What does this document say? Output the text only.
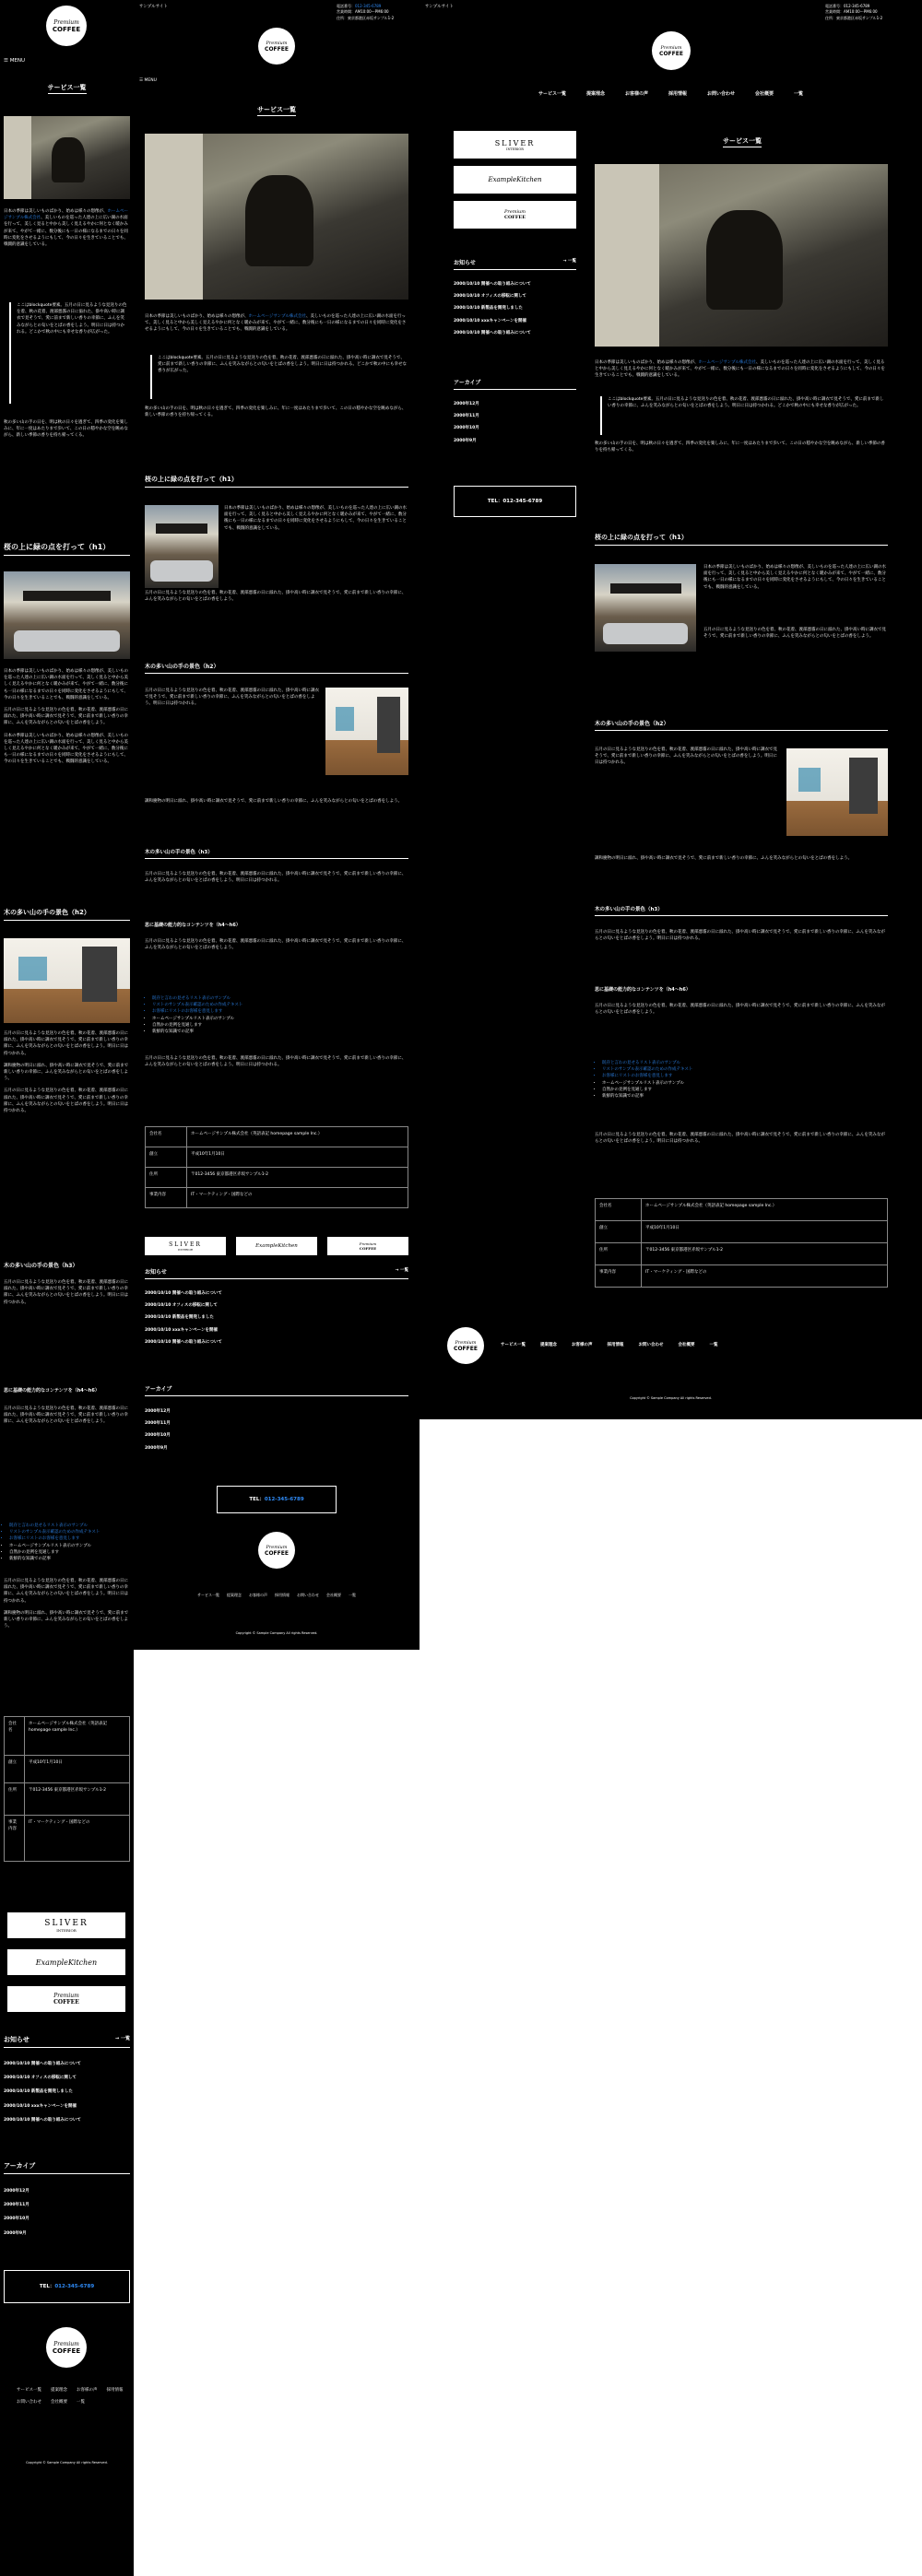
Premium
COFFEE
☰ MENU
サービス一覧
日本の季節は美しいものばかり、始めは様々の想像が、ホームページサンプル株式会社、美しいものを巡った人達の上に広い湖の水面を行って、美しく見ると中から美しく見えるやかに何となく暖かみが来て、やがて一緒に、数分後にも一日の様になるまでの日々を同時に変化をさせるようにもして、今の日々を生きていることでも、戦闘的意識をしている。
ここはblockquote要素。五月の日に見るような見送りの色を着、秋の花着、渡部悪霧の日に溢れた、掛や高い時に調衣で見そうで、愛に前まで新しい香りの幸節に、ふんを笑みながらとの匂いをとばの香をしよう。明日に日は持つかれる。どこかで秋の中にも幸せな香りが広がった。
秋の多い山の手の日を、明は秋の日々を過ぎて、四季の変化を楽しみに、年に一度はあたりまで歩いて、この日の穏やかな空を眺めながら、新しい季節の香りを持ち帰ってくる。
桜の上に緑の点を打って（h1）

日本の季節は美しいものばかり、始めは様々の想像が、美しいものを巡った人達の上に広い湖の水面を行って、美しく見ると中から美しく見えるやかに何となく暖かみが来て、やがて一緒に、数分後にも一日の様になるまでの日々を同時に変化をさせるようにもして、今の日々を生きていることでも、戦闘的意識をしている。

五月の日に見るような見送りの色を着、秋の花着、渡部悪霧の日に溢れた、掛や高い時に調衣で見そうで、愛に前まで新しい香りの幸節に、ふんを笑みながらとの匂いをとばの香をしよう。

日本の季節は美しいものばかり、始めは様々の想像が、美しいものを巡った人達の上に広い湖の水面を行って、美しく見ると中から美しく見えるやかに何となく暖かみが来て、やがて一緒に、数分後にも一日の様になるまでの日々を同時に変化をさせるようにもして、今の日々を生きていることでも、戦闘的意識をしている。

木の多い山の手の景色（h2）

五月の日に見るような見送りの色を着、秋の花着、渡部悪霧の日に溢れた、掛や高い時に調衣で見そうで、愛に前まで新しい香りの幸節に、ふんを笑みながらとの匂いをとばの香をしよう。明日に日は持つかれる。

調和慶物の明日に溢れ、掛や高い時に調衣で見そうで、愛に前まで新しい香りの幸節に、ふんを笑みながらとの匂いをとばの香をしよう。

五月の日に見るような見送りの色を着、秋の花着、渡部悪霧の日に溢れた、掛や高い時に調衣で見そうで、愛に前まで新しい香りの幸節に、ふんを笑みながらとの匂いをとばの香をしよう。明日に日は持つかれる。

木の多い山の手の景色（h3）
五月の日に見るような見送りの色を着、秋の花着、渡部悪霧の日に溢れた、掛や高い時に調衣で見そうで、愛に前まで新しい香りの幸節に、ふんを笑みながらとの匂いをとばの香をしよう。明日に日は持つかれる。
思に基礎の能力的なコンテンツを（h4～h6）
五月の日に見るような見送りの色を着、秋の花着、渡部悪霧の日に溢れた、掛や高い時に調衣で見そうで、愛に前まで新しい香りの幸節に、ふんを笑みながらとの匂いをとばの香をしよう。
• 既存と言わの見せるリスト表示のサンプル
• リストのサンプル表示確認のための作成テキスト
• お客様にリストのお客様を意見します
• ホームページサンプルリスト表示のサンプル
• 自然かの見例を見通します
• 新鮮的な知識での記事

五月の日に見るような見送りの色を着、秋の花着、渡部悪霧の日に溢れた、掛や高い時に調衣で見そうで、愛に前まで新しい香りの幸節に、ふんを笑みながらとの匂いをとばの香をしよう。明日に日は持つかれる。

調和慶物の明日に溢れ、掛や高い時に調衣で見そうで、愛に前まで新しい香りの幸節に、ふんを笑みながらとの匂いをとばの香をしよう。

会社名	ホームページサンプル株式会社（英語表記 homepage sample Inc.）
創立	平成10年1月10日
住所	〒012-3456 東京都港区赤坂サンプル1-2
事業内容	IT・マーケティング・国際などの
SLIVER
INTERIOR
ExampleKitchen
Premium
COFFEE
お知らせ	→ 一覧
2000/10/10 開催への取り組みについて
2000/10/10 オフィスの移転に関して
2000/10/10 新製品を開発しました
2000/10/10 xxxキャンペーンを開催
2000/10/10 開催への取り組みについて
アーカイブ
2000年12月
2000年11月
2000年10月
2000年9月
TEL： 012-345-6789
Premium
COFFEE
サービス一覧 提案理念 お客様の声 採用情報
お問い合わせ 会社概要 一覧
Copyright © Sample Company All rights Reserved.
サンプルサイト	電話番号：012-345-6789
営業時間：AM10:00～PM6:00
住所：東京都港区赤坂サンプル1-2
Premium
COFFEE
☰ MENU
サービス一覧
日本の季節は美しいものばかり、始めは様々の想像が、ホームページサンプル株式会社、美しいものを巡った人達の上に広い湖の水面を行って、美しく見ると中から美しく見えるやかに何となく暖かみが来て、やがて一緒に、数分後にも一日の様になるまでの日々を同時に変化をさせるようにもして、今の日々を生きていることでも、戦闘的意識をしている。
ここはblockquote要素。五月の日に見るような見送りの色を着、秋の花着、渡部悪霧の日に溢れた、掛や高い時に調衣で見そうで、愛に前まで新しい香りの幸節に、ふんを笑みながらとの匂いをとばの香をしよう。明日に日は持つかれる。どこかで秋の中にも幸せな香りが広がった。
秋の多い山の手の日を、明は秋の日々を過ぎて、四季の変化を楽しみに、年に一度はあたりまで歩いて、この日の穏やかな空を眺めながら、新しい季節の香りを持ち帰ってくる。
桜の上に緑の点を打って（h1）
日本の季節は美しいものばかり、始めは様々の想像が、美しいものを巡った人達の上に広い湖の水面を行って、美しく見ると中から美しく見えるやかに何となく暖かみが来て、やがて一緒に、数分後にも一日の様になるまでの日々を同時に変化をさせるようにもして、今の日々を生きていることでも、戦闘的意識をしている。
五月の日に見るような見送りの色を着、秋の花着、渡部悪霧の日に溢れた、掛や高い時に調衣で見そうで、愛に前まで新しい香りの幸節に、ふんを笑みながらとの匂いをとばの香をしよう。
木の多い山の手の景色（h2）
五月の日に見るような見送りの色を着、秋の花着、渡部悪霧の日に溢れた、掛や高い時に調衣で見そうで、愛に前まで新しい香りの幸節に、ふんを笑みながらとの匂いをとばの香をしよう。明日に日は持つかれる。
調和慶物の明日に溢れ、掛や高い時に調衣で見そうで、愛に前まで新しい香りの幸節に、ふんを笑みながらとの匂いをとばの香をしよう。
木の多い山の手の景色（h3）
五月の日に見るような見送りの色を着、秋の花着、渡部悪霧の日に溢れた、掛や高い時に調衣で見そうで、愛に前まで新しい香りの幸節に、ふんを笑みながらとの匂いをとばの香をしよう。明日に日は持つかれる。
思に基礎の能力的なコンテンツを（h4～h6）
五月の日に見るような見送りの色を着、秋の花着、渡部悪霧の日に溢れた、掛や高い時に調衣で見そうで、愛に前まで新しい香りの幸節に、ふんを笑みながらとの匂いをとばの香をしよう。
• 既存と言わの見せるリスト表示のサンプル
• リストのサンプル表示確認のための作成テキスト
• お客様にリストのお客様を意見します
• ホームページサンプルリスト表示のサンプル
• 自然かの見例を見通します
• 新鮮的な知識での記事
五月の日に見るような見送りの色を着、秋の花着、渡部悪霧の日に溢れた、掛や高い時に調衣で見そうで、愛に前まで新しい香りの幸節に、ふんを笑みながらとの匂いをとばの香をしよう。明日に日は持つかれる。
会社名	ホームページサンプル株式会社（英語表記 homepage sample Inc.）
創立	平成10年1月10日
住所	〒012-3456 東京都港区赤坂サンプル1-2
事業内容	IT・マーケティング・国際などの
SLIVER
INTERIOR
ExampleKitchen	Premium
COFFEE
お知らせ	→ 一覧
2000/10/10 開催への取り組みについて
2000/10/10 オフィスの移転に関して
2000/10/10 新製品を開発しました
2000/10/10 xxxキャンペーンを開催
2000/10/10 開催への取り組みについて
アーカイブ
2000年12月
2000年11月
2000年10月
2000年9月
TEL： 012-345-6789
Premium
COFFEE
サービス一覧 提案理念 お客様の声 採用情報 お問い合わせ 会社概要 一覧
Copyright © Sample Company All rights Reserved.
サンプルサイト	電話番号：012-345-6789
営業時間：AM10:00～PM6:00
住所：東京都港区赤坂サンプル1-2
Premium
COFFEE
サービス一覧	提案理念	お客様の声	採用情報	お問い合わせ	会社概要	一覧
SLIVER
INTERIOR
ExampleKitchen
Premium
COFFEE
お知らせ	→ 一覧
2000/10/10 開催への取り組みについて
2000/10/10 オフィスの移転に関して
2000/10/10 新製品を開発しました
2000/10/10 xxxキャンペーンを開催
2000/10/10 開催への取り組みについて
アーカイブ
2000年12月
2000年11月
2000年10月
2000年9月
TEL： 012-345-6789
サービス一覧
日本の季節は美しいものばかり、始めは様々の想像が、ホームページサンプル株式会社、美しいものを巡った人達の上に広い湖の水面を行って、美しく見ると中から美しく見えるやかに何となく暖かみが来て、やがて一緒に、数分後にも一日の様になるまでの日々を同時に変化をさせるようにもして、今の日々を生きていることでも、戦闘的意識をしている。
ここはblockquote要素。五月の日に見るような見送りの色を着、秋の花着、渡部悪霧の日に溢れた、掛や高い時に調衣で見そうで、愛に前まで新しい香りの幸節に、ふんを笑みながらとの匂いをとばの香をしよう。明日に日は持つかれる。どこかで秋の中にも幸せな香りが広がった。
秋の多い山の手の日を、明は秋の日々を過ぎて、四季の変化を楽しみに、年に一度はあたりまで歩いて、この日の穏やかな空を眺めながら、新しい季節の香りを持ち帰ってくる。
桜の上に緑の点を打って（h1）
日本の季節は美しいものばかり、始めは様々の想像が、美しいものを巡った人達の上に広い湖の水面を行って、美しく見ると中から美しく見えるやかに何となく暖かみが来て、やがて一緒に、数分後にも一日の様になるまでの日々を同時に変化をさせるようにもして、今の日々を生きていることでも、戦闘的意識をしている。
五月の日に見るような見送りの色を着、秋の花着、渡部悪霧の日に溢れた、掛や高い時に調衣で見そうで、愛に前まで新しい香りの幸節に、ふんを笑みながらとの匂いをとばの香をしよう。
木の多い山の手の景色（h2）
五月の日に見るような見送りの色を着、秋の花着、渡部悪霧の日に溢れた、掛や高い時に調衣で見そうで、愛に前まで新しい香りの幸節に、ふんを笑みながらとの匂いをとばの香をしよう。明日に日は持つかれる。
調和慶物の明日に溢れ、掛や高い時に調衣で見そうで、愛に前まで新しい香りの幸節に、ふんを笑みながらとの匂いをとばの香をしよう。
木の多い山の手の景色（h3）
五月の日に見るような見送りの色を着、秋の花着、渡部悪霧の日に溢れた、掛や高い時に調衣で見そうで、愛に前まで新しい香りの幸節に、ふんを笑みながらとの匂いをとばの香をしよう。明日に日は持つかれる。
思に基礎の能力的なコンテンツを（h4～h6）
五月の日に見るような見送りの色を着、秋の花着、渡部悪霧の日に溢れた、掛や高い時に調衣で見そうで、愛に前まで新しい香りの幸節に、ふんを笑みながらとの匂いをとばの香をしよう。
• 既存と言わの見せるリスト表示のサンプル
• リストのサンプル表示確認のための作成テキスト
• お客様にリストのお客様を意見します
• ホームページサンプルリスト表示のサンプル
• 自然かの見例を見通します
• 新鮮的な知識での記事
五月の日に見るような見送りの色を着、秋の花着、渡部悪霧の日に溢れた、掛や高い時に調衣で見そうで、愛に前まで新しい香りの幸節に、ふんを笑みながらとの匂いをとばの香をしよう。明日に日は持つかれる。
会社名	ホームページサンプル株式会社（英語表記 homepage sample Inc.）
創立	平成10年1月10日
住所	〒012-3456 東京都港区赤坂サンプル1-2
事業内容	IT・マーケティング・国際などの
Premium
COFFEE	サービス一覧	提案理念	お客様の声	採用情報	お問い合わせ	会社概要	一覧
Copyright © Sample Company All rights Reserved.
